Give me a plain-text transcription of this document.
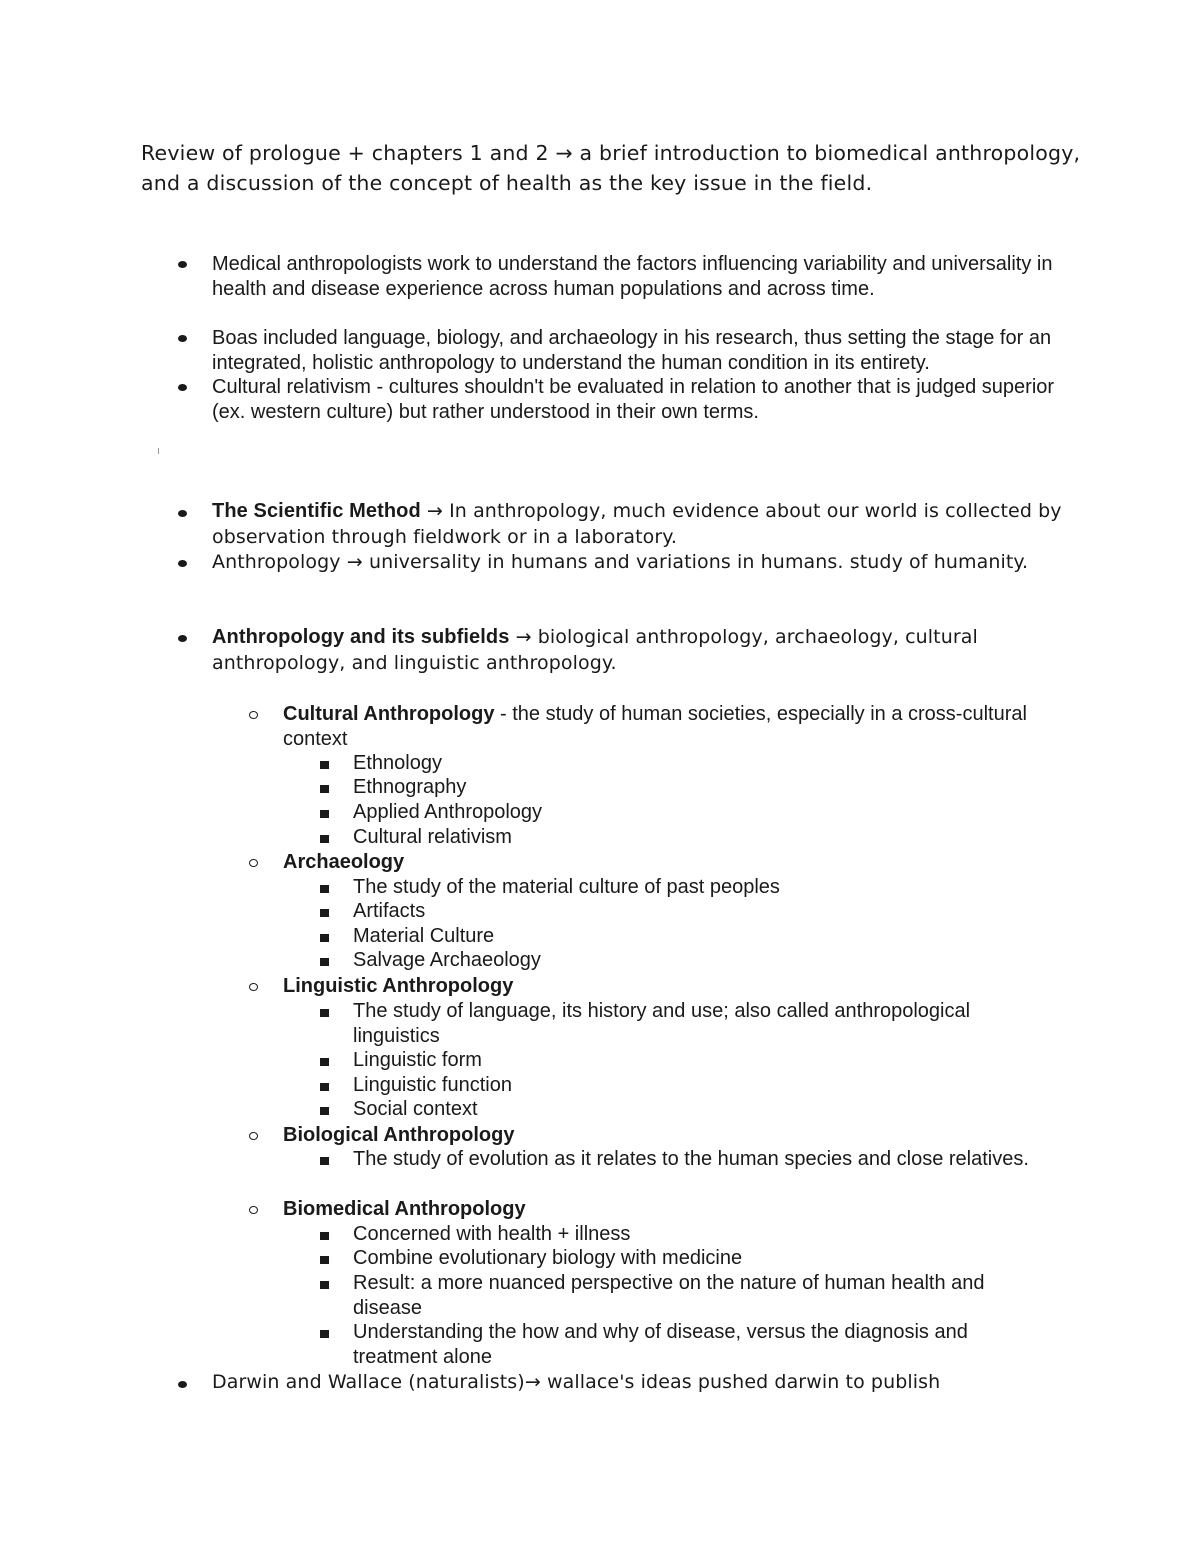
Review of prologue + chapters 1 and 2 → a brief introduction to biomedical anthropology, and a discussion of the concept of health as the key issue in the field.
Medical anthropologists work to understand the factors influencing variability and universality in health and disease experience across human populations and across time.
Boas included language, biology, and archaeology in his research, thus setting the stage for an integrated, holistic anthropology to understand the human condition in its entirety.
Cultural relativism - cultures shouldn't be evaluated in relation to another that is judged superior (ex. western culture) but rather understood in their own terms.
The Scientific Method → In anthropology, much evidence about our world is collected by observation through fieldwork or in a laboratory.
Anthropology → universality in humans and variations in humans. study of humanity.
Anthropology and its subfields → biological anthropology, archaeology, cultural anthropology, and linguistic anthropology.
Cultural Anthropology - the study of human societies, especially in a cross-cultural context
Ethnology
Ethnography
Applied Anthropology
Cultural relativism
Archaeology
The study of the material culture of past peoples
Artifacts
Material Culture
Salvage Archaeology
Linguistic Anthropology
The study of language, its history and use; also called anthropological linguistics
Linguistic form
Linguistic function
Social context
Biological Anthropology
The study of evolution as it relates to the human species and close relatives.
Biomedical Anthropology
Concerned with health + illness
Combine evolutionary biology with medicine
Result: a more nuanced perspective on the nature of human health and disease
Understanding the how and why of disease, versus the diagnosis and treatment alone
Darwin and Wallace (naturalists)→ wallace's ideas pushed darwin to publish
